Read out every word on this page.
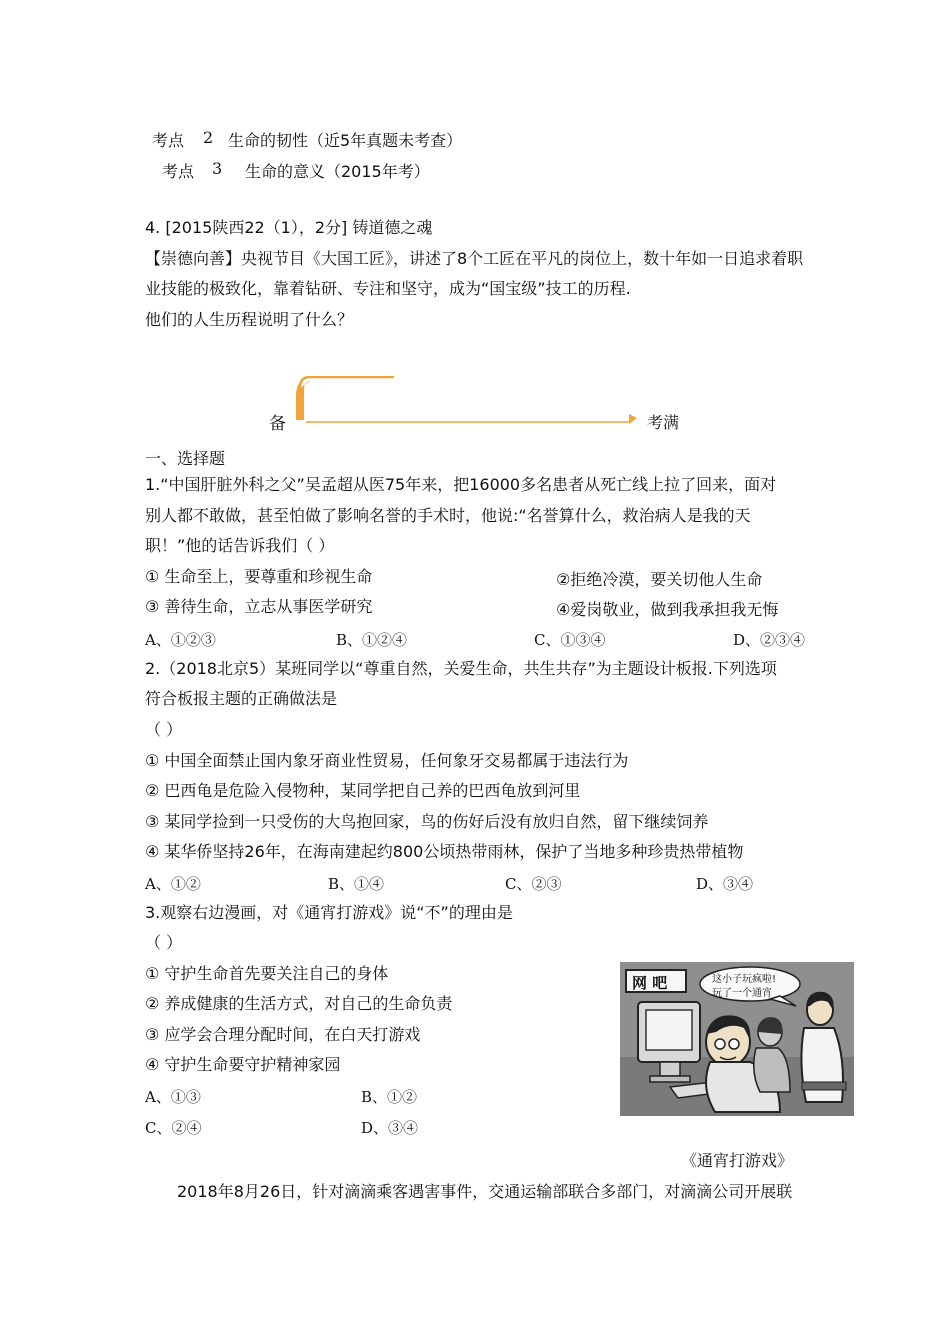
考点 2 生命的韧性（近5年真题未考查）
考点 3 生命的意义（2015年考）
4. [2015陕西22（1），2分] 铸道德之魂
【崇德向善】央视节目《大国工匠》，讲述了8个工匠在平凡的岗位上，数十年如一日追求着职
业技能的极致化，靠着钻研、专注和坚守，成为“国宝级”技工的历程.
他们的人生历程说明了什么？
备	考满
一、选择题
1.“中国肝脏外科之父”吴孟超从医75年来，把16000多名患者从死亡线上拉了回来，面对
别人都不敢做，甚至怕做了影响名誉的手术时，他说:“名誉算什么，救治病人是我的天
职！”他的话告诉我们（ ）
① 生命至上，要尊重和珍视生命	②拒绝冷漠，要关切他人生命
③ 善待生命，立志从事医学研究	④爱岗敬业，做到我承担我无悔
A、①②③	B、①②④	C、①③④	D、②③④
2.（2018北京5）某班同学以“尊重自然，关爱生命，共生共存”为主题设计板报.下列选项
符合板报主题的正确做法是
（ ）
① 中国全面禁止国内象牙商业性贸易，任何象牙交易都属于违法行为
② 巴西龟是危险入侵物种，某同学把自己养的巴西龟放到河里
③ 某同学捡到一只受伤的大鸟抱回家，鸟的伤好后没有放归自然，留下继续饲养
④ 某华侨坚持26年，在海南建起约800公顷热带雨林，保护了当地多种珍贵热带植物
A、①②	B、①④	C、②③	D、③④
3.观察右边漫画，对《通宵打游戏》说“不”的理由是
（ ）
① 守护生命首先要关注自己的身体
② 养成健康的生活方式，对自己的生命负责
③ 应学会合理分配时间，在白天打游戏
④ 守护生命要守护精神家园
A、①③	B、①②
C、②④	D、③④
网 吧	这小子玩疯啦!
玩了一个通宵
《通宵打游戏》
2018年8月26日，针对滴滴乘客遇害事件，交通运输部联合多部门，对滴滴公司开展联
